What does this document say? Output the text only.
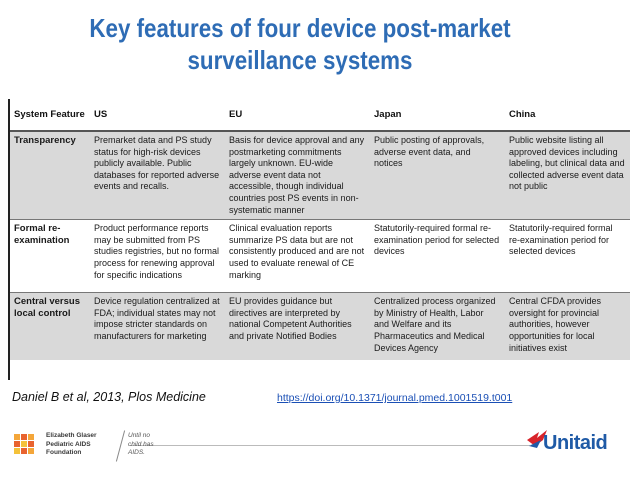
Key features of four device post-market
surveillance systems
System Feature	US	EU	Japan	China
Transparency	Premarket data and PS study status for high-risk devices publicly available. Public databases for reported adverse events and recalls.	Basis for device approval and any postmarketing commitments largely unknown. EU-wide adverse event data not accessible, though individual countries post PS events in non-systematic manner	Public posting of approvals, adverse event data, and notices	Public website listing all approved devices including labeling, but clinical data and collected adverse event data not public
Formal re-examination	Product performance reports may be submitted from PS studies registries, but no formal process for renewing approval for specific indications	Clinical evaluation reports summarize PS data but are not consistently produced and are not used to evaluate renewal of CE marking	Statutorily-required formal re-examination period for selected devices	Statutorily-required formal re-examination period for selected devices
Central versus local control	Device regulation centralized at FDA; individual states may not impose stricter standards on manufacturers for marketing	EU provides guidance but directives are interpreted by national Competent Authorities and private Notified Bodies	Centralized process organized by Ministry of Health, Labor and Welfare and its Pharmaceutics and Medical Devices Agency	Central CFDA provides oversight for provincial authorities, however opportunities for local initiatives exist
Daniel B et al, 2013, Plos Medicine	https://doi.org/10.1371/journal.pmed.1001519.t001
Elizabeth Glaser
Pediatric AIDS
Foundation
Until no
child has
AIDS.	Unitaid
